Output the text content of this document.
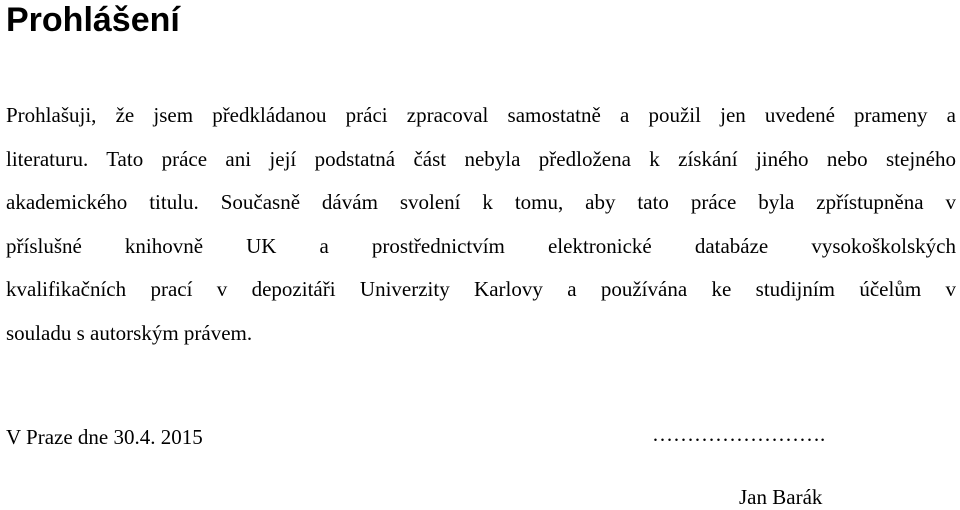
Prohlášení
Prohlašuji, že jsem předkládanou práci zpracoval samostatně a použil jen uvedené prameny a
literaturu. Tato práce ani její podstatná část nebyla předložena k získání jiného nebo stejného
akademického titulu. Současně dávám svolení k tomu, aby tato práce byla zpřístupněna v
příslušné knihovně UK a prostřednictvím elektronické databáze vysokoškolských
kvalifikačních prací v depozitáři Univerzity Karlovy a používána ke studijním účelům v
souladu s autorským právem.
V Praze dne 30.4. 2015	…………………….
Jan Barák
